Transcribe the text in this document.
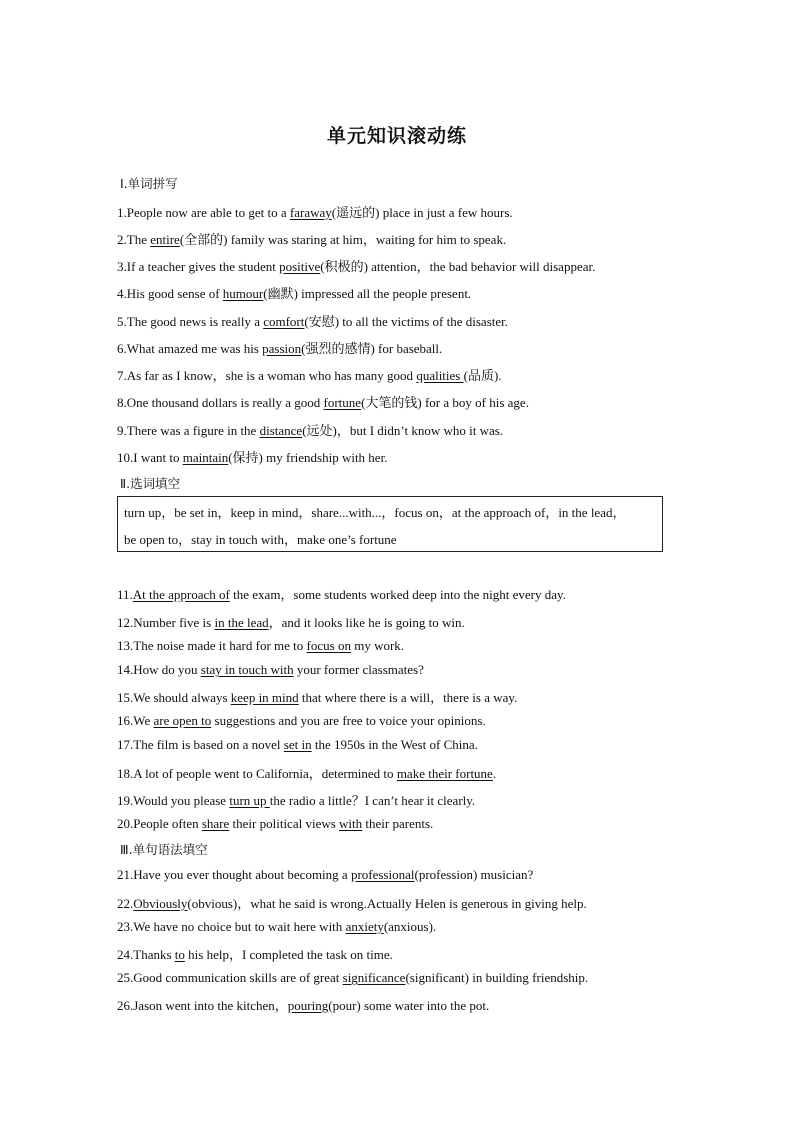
单元知识滚动练
Ⅰ.单词拼写
1.People now are able to get to a faraway(遥远的) place in just a few hours.
2.The entire(全部的) family was staring at him，waiting for him to speak.
3.If a teacher gives the student positive(积极的) attention，the bad behavior will disappear.
4.His good sense of humour(幽默) impressed all the people present.
5.The good news is really a comfort(安慰) to all the victims of the disaster.
6.What amazed me was his passion(强烈的感情) for baseball.
7.As far as I know，she is a woman who has many good qualities (品质).
8.One thousand dollars is really a good fortune(大笔的钱) for a boy of his age.
9.There was a figure in the distance(远处)，but I didn’t know who it was.
10.I want to maintain(保持) my friendship with her.
Ⅱ.选词填空
turn up，be set in，keep in mind，share...with...，focus on，at the approach of，in the lead，
be open to，stay in touch with，make one’s fortune
11.At the approach of the exam，some students worked deep into the night every day.
12.Number five is in the lead，and it looks like he is going to win.
13.The noise made it hard for me to focus on my work.
14.How do you stay in touch with your former classmates?
15.We should always keep in mind that where there is a will，there is a way.
16.We are open to suggestions and you are free to voice your opinions.
17.The film is based on a novel set in the 1950s in the West of China.
18.A lot of people went to California，determined to make their fortune.
19.Would you please turn up the radio a little？I can’t hear it clearly.
20.People often share their political views with their parents.
Ⅲ.单句语法填空
21.Have you ever thought about becoming a professional(profession) musician?
22.Obviously(obvious)，what he said is wrong.Actually Helen is generous in giving help.
23.We have no choice but to wait here with anxiety(anxious).
24.Thanks to his help，I completed the task on time.
25.Good communication skills are of great significance(significant) in building friendship.
26.Jason went into the kitchen，pouring(pour) some water into the pot.
